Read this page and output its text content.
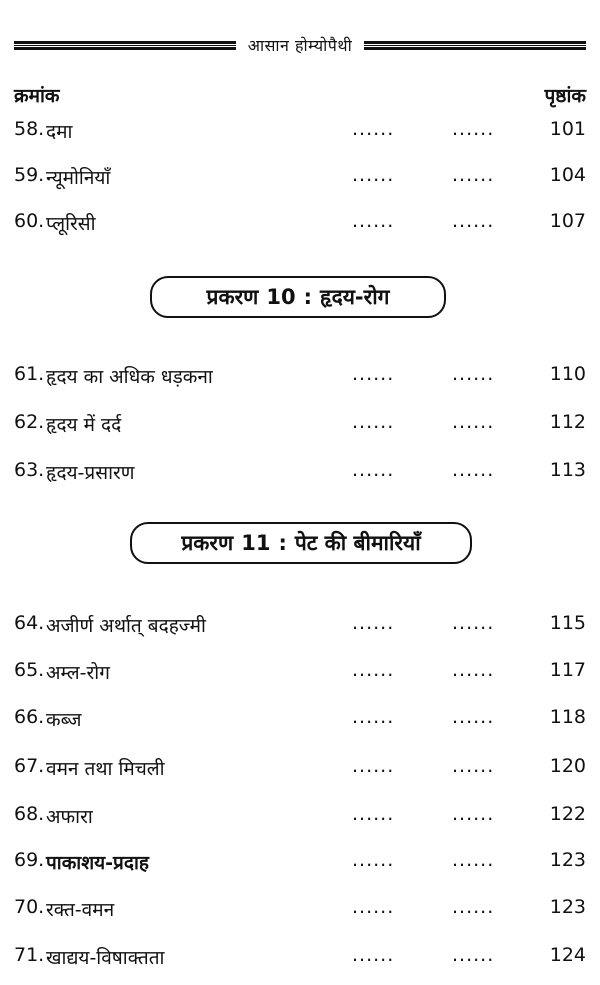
आसान होम्योपैथी
क्रमांक	पृष्ठांक
58. दमा	......	......	101
59. न्यूमोनियाँ	......	......	104
60. प्लूरिसी	......	......	107
प्रकरण 10 : हृदय-रोग
61. हृदय का अधिक धड़कना	......	......	110
62. हृदय में दर्द	......	......	112
63. हृदय-प्रसारण	......	......	113
प्रकरण 11 : पेट की बीमारियाँ
64. अजीर्ण अर्थात् बदहज्मी	......	......	115
65. अम्ल-रोग	......	......	117
66. कब्ज	......	......	118
67. वमन तथा मिचली	......	......	120
68. अफारा	......	......	122
69. पाकाशय-प्रदाह	......	......	123
70. रक्त-वमन	......	......	123
71. खाद्यय-विषाक्तता	......	......	124
